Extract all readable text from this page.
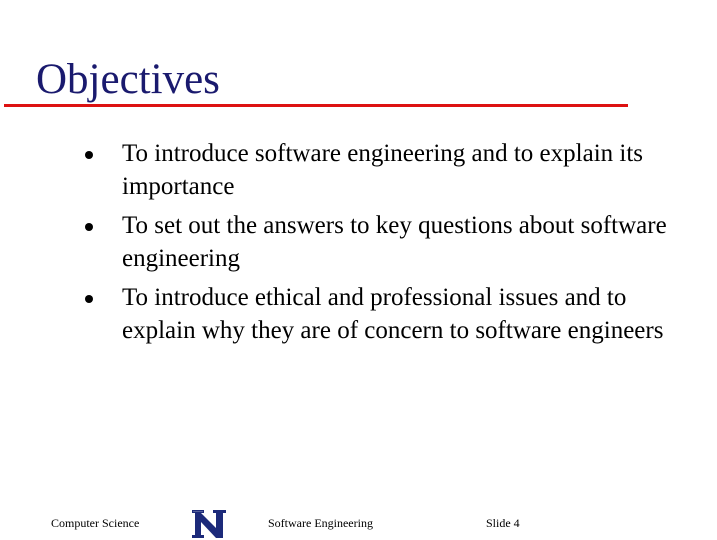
Objectives
To introduce software engineering and to explain its importance
To set out the answers to key questions about software engineering
To introduce ethical and professional issues and to explain why they are of concern to software engineers
Computer Science	Software Engineering	Slide 4
